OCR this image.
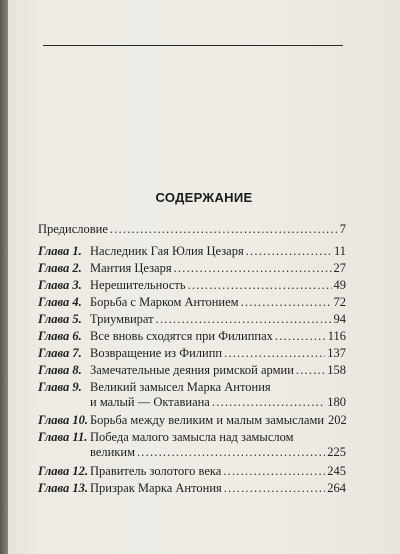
СОДЕРЖАНИЕ
Предисловие .....	7
Глава 1. Наследник Гая Юлия Цезаря .....	11
Глава 2. Мантия Цезаря .....	27
Глава 3. Нерешительность .....	49
Глава 4. Борьба с Марком Антонием .....	72
Глава 5. Триумвират .....	94
Глава 6. Все вновь сходятся при Филиппах .....	116
Глава 7. Возвращение из Филипп .....	137
Глава 8. Замечательные деяния римской армии .....	158
Глава 9. Великий замысел Марка Антония
и малый — Октавиана .....	180
Глава 10. Борьба между великим и малым замыслами 202
Глава 11. Победа малого замысла над замыслом
великим .....	225
Глава 12. Правитель золотого века .....	245
Глава 13. Призрак Марка Антония .....	264
